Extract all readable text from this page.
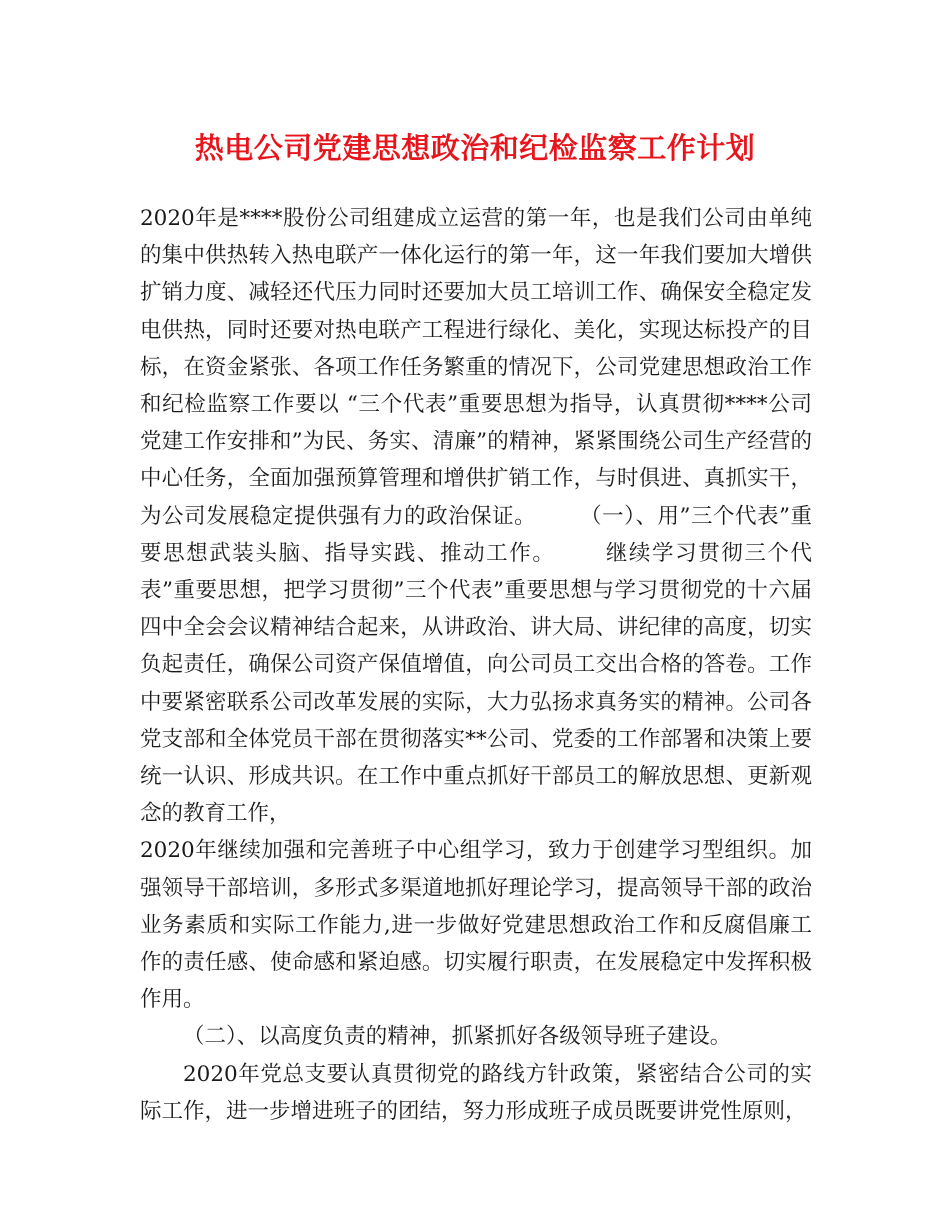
热电公司党建思想政治和纪检监察工作计划

2020年是****股份公司组建成立运营的第一年，也是我们公司由单纯的集中供热转入热电联产一体化运行的第一年，这一年我们要加大增供扩销力度、减轻还代压力同时还要加大员工培训工作、确保安全稳定发电供热，同时还要对热电联产工程进行绿化、美化，实现达标投产的目标，在资金紧张、各项工作任务繁重的情况下，公司党建思想政治工作和纪检监察工作要以 “三个代表”重要思想为指导，认真贯彻****公司党建工作安排和”为民、务实、清廉”的精神，紧紧围绕公司生产经营的中心任务，全面加强预算管理和增供扩销工作，与时俱进、真抓实干，为公司发展稳定提供强有力的政治保证。      （一）、用”三个代表”重要思想武装头脑、指导实践、推动工作。      继续学习贯彻三个代表”重要思想，把学习贯彻”三个代表”重要思想与学习贯彻党的十六届四中全会会议精神结合起来，从讲政治、讲大局、讲纪律的高度，切实负起责任，确保公司资产保值增值，向公司员工交出合格的答卷。工作中要紧密联系公司改革发展的实际，大力弘扬求真务实的精神。公司各党支部和全体党员干部在贯彻落实**公司、党委的工作部署和决策上要统一认识、形成共识。在工作中重点抓好干部员工的解放思想、更新观念的教育工作，

2020年继续加强和完善班子中心组学习，致力于创建学习型组织。加强领导干部培训，多形式多渠道地抓好理论学习，提高领导干部的政治业务素质和实际工作能力,进一步做好党建思想政治工作和反腐倡廉工作的责任感、使命感和紧迫感。切实履行职责，在发展稳定中发挥积极作用。

（二）、以高度负责的精神，抓紧抓好各级领导班子建设。

2020年党总支要认真贯彻党的路线方针政策，紧密结合公司的实际工作，进一步增进班子的团结，努力形成班子成员既要讲党性原则，
